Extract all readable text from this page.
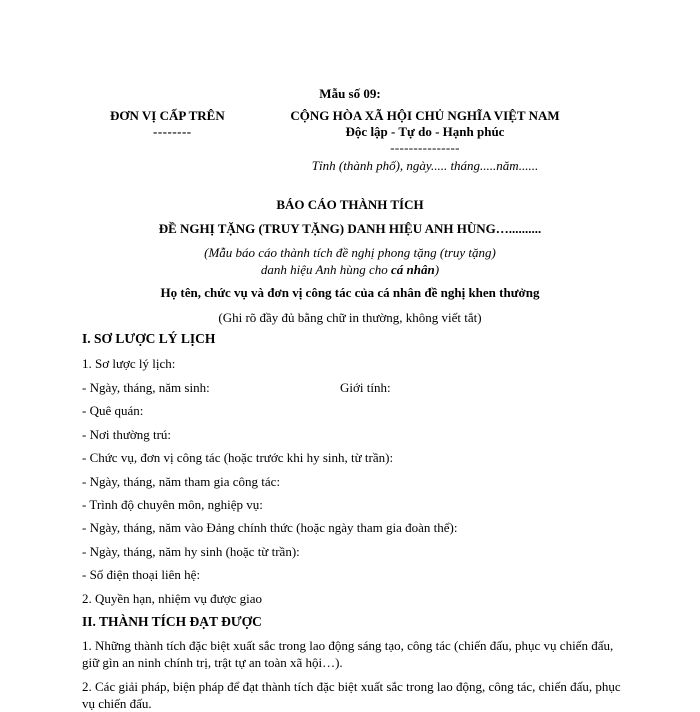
Mẫu số 09:
ĐƠN VỊ CẤP TRÊN
--------
CỘNG HÒA XÃ HỘI CHỦ NGHĨA VIỆT NAM
Độc lập - Tự do - Hạnh phúc
---------------
Tỉnh (thành phố), ngày..... tháng.....năm......
BÁO CÁO THÀNH TÍCH
ĐỀ NGHỊ TẶNG (TRUY TẶNG) DANH HIỆU ANH HÙNG…..........
(Mẫu báo cáo thành tích đề nghị phong tặng (truy tặng)
danh hiệu Anh hùng cho cá nhân)
Họ tên, chức vụ và đơn vị công tác của cá nhân đề nghị khen thưởng
(Ghi rõ đầy đủ bằng chữ in thường, không viết tắt)
I. SƠ LƯỢC LÝ LỊCH
1. Sơ lược lý lịch:
- Ngày, tháng, năm sinh:	Giới tính:
- Quê quán:
- Nơi thường trú:
- Chức vụ, đơn vị công tác (hoặc trước khi hy sinh, từ trần):
- Ngày, tháng, năm tham gia công tác:
- Trình độ chuyên môn, nghiệp vụ:
- Ngày, tháng, năm vào Đảng chính thức (hoặc ngày tham gia đoàn thể):
- Ngày, tháng, năm hy sinh (hoặc từ trần):
- Số điện thoại liên hệ:
2. Quyền hạn, nhiệm vụ được giao
II. THÀNH TÍCH ĐẠT ĐƯỢC
1. Những thành tích đặc biệt xuất sắc trong lao động sáng tạo, công tác (chiến đấu, phục vụ chiến đấu, giữ gìn an ninh chính trị, trật tự an toàn xã hội…).
2. Các giải pháp, biện pháp để đạt thành tích đặc biệt xuất sắc trong lao động, công tác, chiến đấu, phục vụ chiến đấu.
